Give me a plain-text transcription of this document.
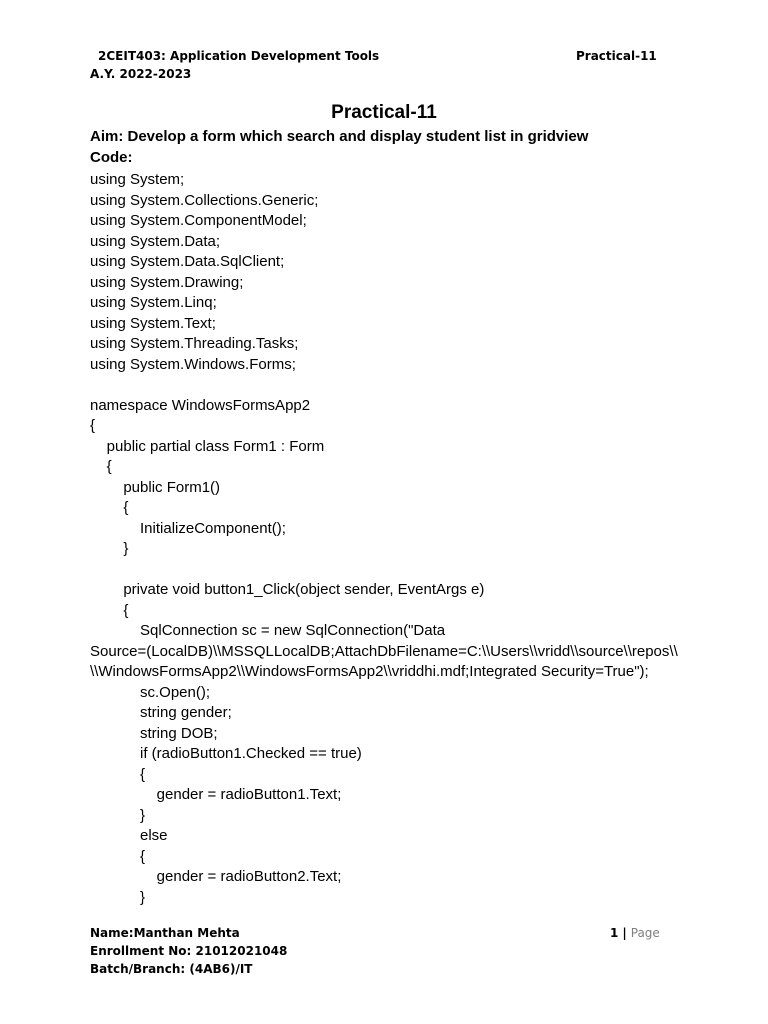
2CEIT403: Application Development Tools	Practical-11
A.Y. 2022-2023
Practical-11
Aim: Develop a form which search and display student list in gridview
Code:
using System;
using System.Collections.Generic;
using System.ComponentModel;
using System.Data;
using System.Data.SqlClient;
using System.Drawing;
using System.Linq;
using System.Text;
using System.Threading.Tasks;
using System.Windows.Forms;
namespace WindowsFormsApp2
{
public partial class Form1 : Form
{
public Form1()
{
InitializeComponent();
}
private void button1_Click(object sender, EventArgs e)
{
SqlConnection sc = new SqlConnection("Data
Source=(LocalDB)\\MSSQLLocalDB;AttachDbFilename=C:\\Users\\vridd\\source\\repos\\
\\WindowsFormsApp2\\WindowsFormsApp2\\vriddhi.mdf;Integrated Security=True");
sc.Open();
string gender;
string DOB;
if (radioButton1.Checked == true)
{
gender = radioButton1.Text;
}
else
{
gender = radioButton2.Text;
}
Name:Manthan Mehta
Enrollment No: 21012021048
Batch/Branch: (4AB6)/IT
1 | Page
